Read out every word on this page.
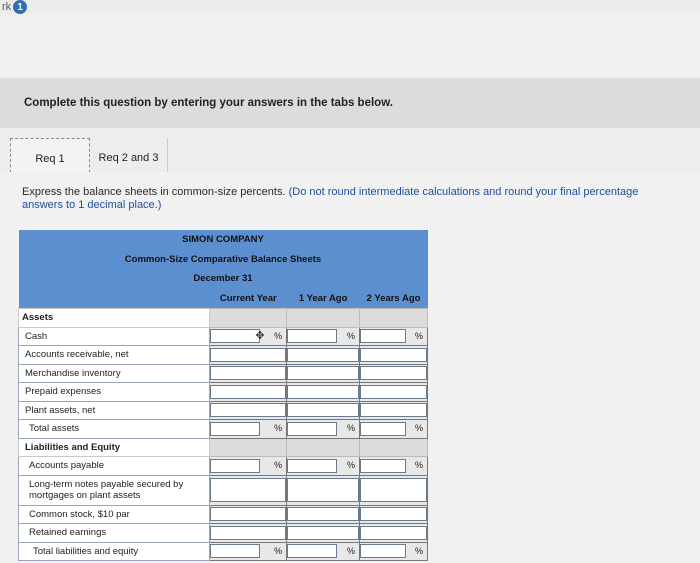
rk 1
Complete this question by entering your answers in the tabs below.
Req 1	Req 2 and 3
Express the balance sheets in common-size percents. (Do not round intermediate calculations and round your final percentage
answers to 1 decimal place.)
SIMON COMPANY			
Common-Size Comparative Balance Sheets			
December 31			
	Current Year	1 Year Ago	2 Years Ago
Assets			
Cash	✥ %	%	%

Accounts receivable, net	

Merchandise inventory	

Prepaid expenses	

Plant assets, net	

Total assets	%	%	%

Liabilities and Equity			
Accounts payable	%	%	%

Long-term notes payable secured by mortgages on plant assets	

Common stock, $10 par	

Retained earnings	

Total liabilities and equity	%	%	%
